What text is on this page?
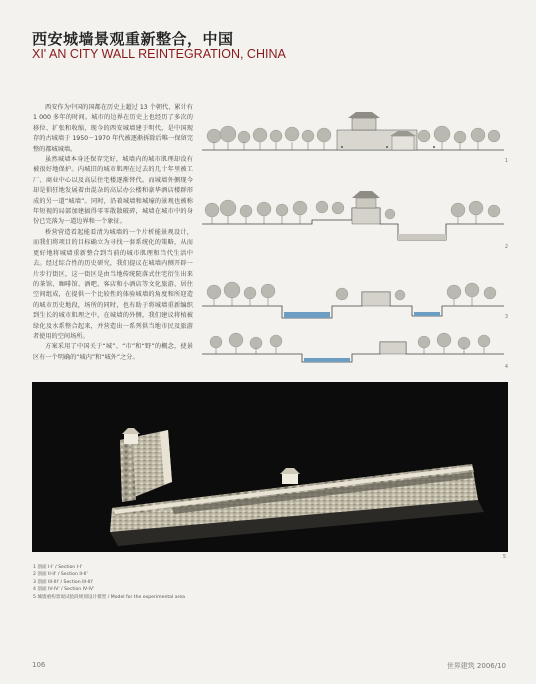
西安城墙景观重新整合，中国
XI' AN CITY WALL REINTEGRATION, CHINA

西安作为中国的国都在历史上超过 13 个朝代，累计有 1 000 多年的时间。城市的边界在历史上也经历了多次的移位、扩张和收缩，现今的西安城墙建于明代，是中国现存的古城墙于 1950－1970 年代被逐渐拆除后唯一保留完整的都城城墙。

虽然城墙本身还保存完好，城墙内的城市肌理却没有被很好地保护。内城旧的城市肌理在过去的几十年里被工厂、商业中心以及高层住宅楼逐渐替代。而城墙外侧现今却是猖狂地发展着由混杂的高层办公楼和豪华酒店楼群形成的另一道“城墙”。同时，沿着城墙和城壕的景观也被称年短视的局部加建搞得零零散散破碎，城墙在城市中的身份已完落为一道边界和一个象征。

桥营营造看起能看清为城墙的一个片析能景观设计，而我们将项目的目标确立为寻找一套系统化的策略，从而更好地将城墙重新整合到当前的城市肌理和当代生活中去。经过综合性的历史研究，我们提议在城墙内侧开辟一片步行街区，这一街区是由当地传统院落式住宅衍生出来的茶馆、咖啡馆、酒吧、客店和小酒店等文化旅游、居住空间组成，在提供一个比较性的体验城墙的角度和所迎造的城市历史地段，场所的同时，也有助于将城墙重新编织到生长的城市肌理之中，在城墙的外侧，我们建议将植被绿化及水系整合起来，并营造出一系列供当地市民及旅游者使用的空间场所。

方案采用了中国关于“城”、“市”和“野”的概念，使景区有一个明确的“城内”和“城外”之分。

1
2
3
4
5
1 剖面 I-I' / Section I-I'
2 剖面 II-II' / Section II-II'
3 剖面 III-III' / Section III-III'
4 剖面 IV-IV' / Section IV-IV'
5 城墙重构景观试验段规划设计模型 / Model for the experimental area
106	世界建筑 2006/10
